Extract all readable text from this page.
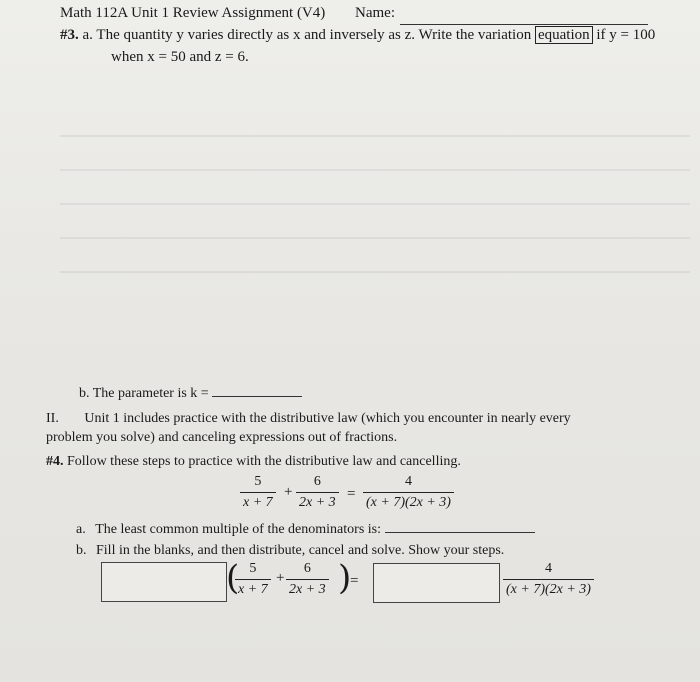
Math 112A Unit 1 Review Assignment (V4) Name:
#3. a. The quantity y varies directly as x and inversely as z. Write the variation equation if y = 100
when x = 50 and z = 6.
b. The parameter is k =
II. Unit 1 includes practice with the distributive law (which you encounter in nearly every
problem you solve) and canceling expressions out of fractions.
#4. Follow these steps to practice with the distributive law and cancelling.
$\frac{5}{x + 7} + \frac{6}{2x + 3} = \frac{4}{(x + 7)(2x + 3)}$
a. The least common multiple of the denominators is:
b. Fill in the blanks, and then distribute, cancel and solve. Show your steps.
(
$\frac{5}{x + 7} + \frac{6}{2x + 3}$ )
=	$\frac{4}{(x + 7)(2x + 3)}$
